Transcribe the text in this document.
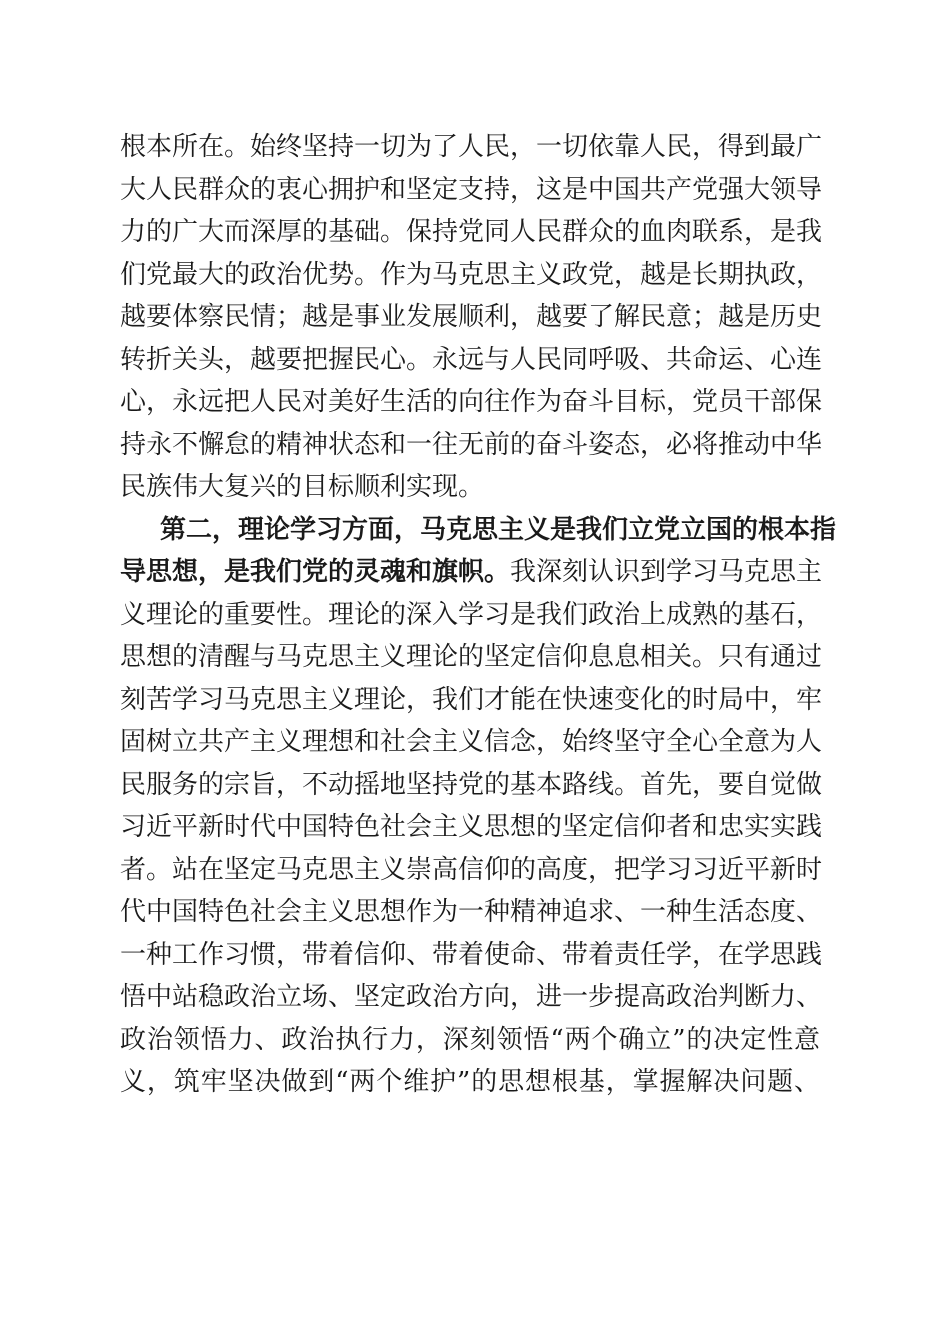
根本所在。始终坚持一切为了人民，一切依靠人民，得到最广
大人民群众的衷心拥护和坚定支持，这是中国共产党强大领导
力的广大而深厚的基础。保持党同人民群众的血肉联系，是我
们党最大的政治优势。作为马克思主义政党，越是长期执政，
越要体察民情；越是事业发展顺利，越要了解民意；越是历史
转折关头，越要把握民心。永远与人民同呼吸、共命运、心连
心，永远把人民对美好生活的向往作为奋斗目标，党员干部保
持永不懈怠的精神状态和一往无前的奋斗姿态，必将推动中华
民族伟大复兴的目标顺利实现。
第二，理论学习方面，马克思主义是我们立党立国的根本指
导思想，是我们党的灵魂和旗帜。我深刻认识到学习马克思主
义理论的重要性。理论的深入学习是我们政治上成熟的基石，
思想的清醒与马克思主义理论的坚定信仰息息相关。只有通过
刻苦学习马克思主义理论，我们才能在快速变化的时局中，牢
固树立共产主义理想和社会主义信念，始终坚守全心全意为人
民服务的宗旨，不动摇地坚持党的基本路线。首先，要自觉做
习近平新时代中国特色社会主义思想的坚定信仰者和忠实实践
者。站在坚定马克思主义崇高信仰的高度，把学习习近平新时
代中国特色社会主义思想作为一种精神追求、一种生活态度、
一种工作习惯，带着信仰、带着使命、带着责任学，在学思践
悟中站稳政治立场、坚定政治方向，进一步提高政治判断力、
政治领悟力、政治执行力，深刻领悟“两个确立”的决定性意
义，筑牢坚决做到“两个维护”的思想根基，掌握解决问题、
